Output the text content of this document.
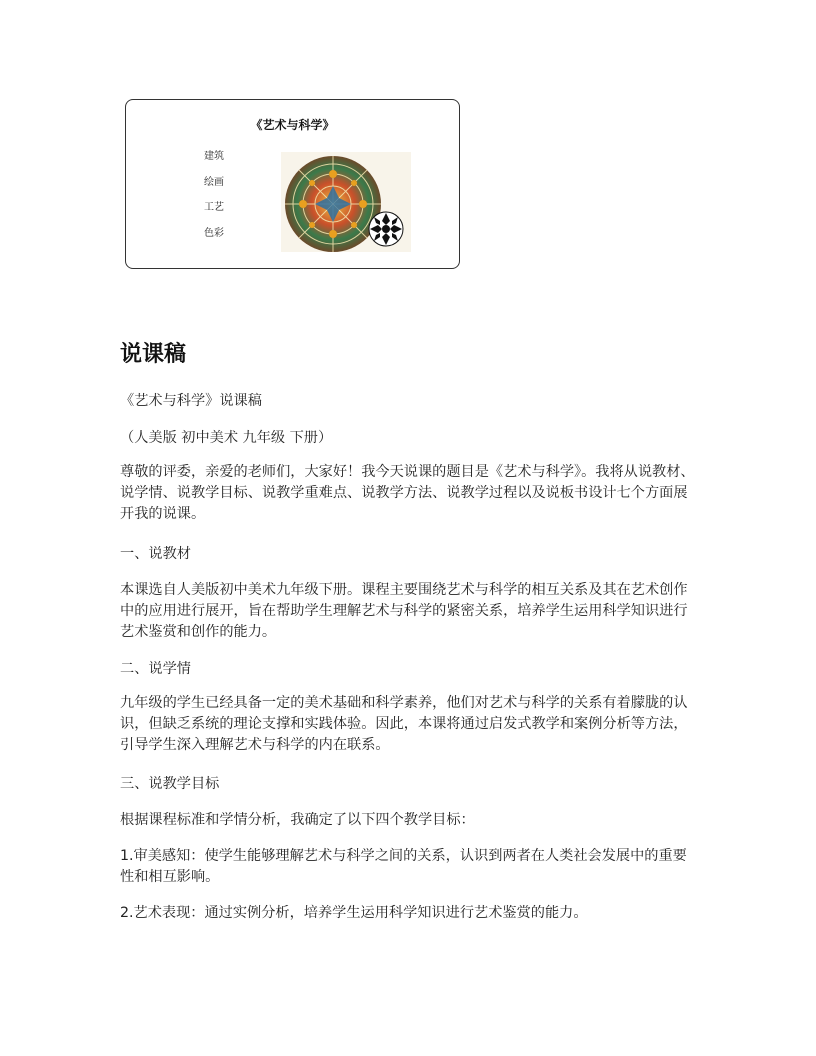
《艺术与科学》
建筑
绘画
工艺
色彩
说课稿

《艺术与科学》说课稿

（人美版 初中美术 九年级 下册）

尊敬的评委，亲爱的老师们，大家好！我今天说课的题目是《艺术与科学》。我将从说教材、说学情、说教学目标、说教学重难点、说教学方法、说教学过程以及说板书设计七个方面展开我的说课。

一、说教材

本课选自人美版初中美术九年级下册。课程主要围绕艺术与科学的相互关系及其在艺术创作中的应用进行展开，旨在帮助学生理解艺术与科学的紧密关系，培养学生运用科学知识进行艺术鉴赏和创作的能力。

二、说学情

九年级的学生已经具备一定的美术基础和科学素养，他们对艺术与科学的关系有着朦胧的认识，但缺乏系统的理论支撑和实践体验。因此，本课将通过启发式教学和案例分析等方法，引导学生深入理解艺术与科学的内在联系。

三、说教学目标

根据课程标准和学情分析，我确定了以下四个教学目标：

1.审美感知：使学生能够理解艺术与科学之间的关系，认识到两者在人类社会发展中的重要性和相互影响。

2.艺术表现：通过实例分析，培养学生运用科学知识进行艺术鉴赏的能力。
